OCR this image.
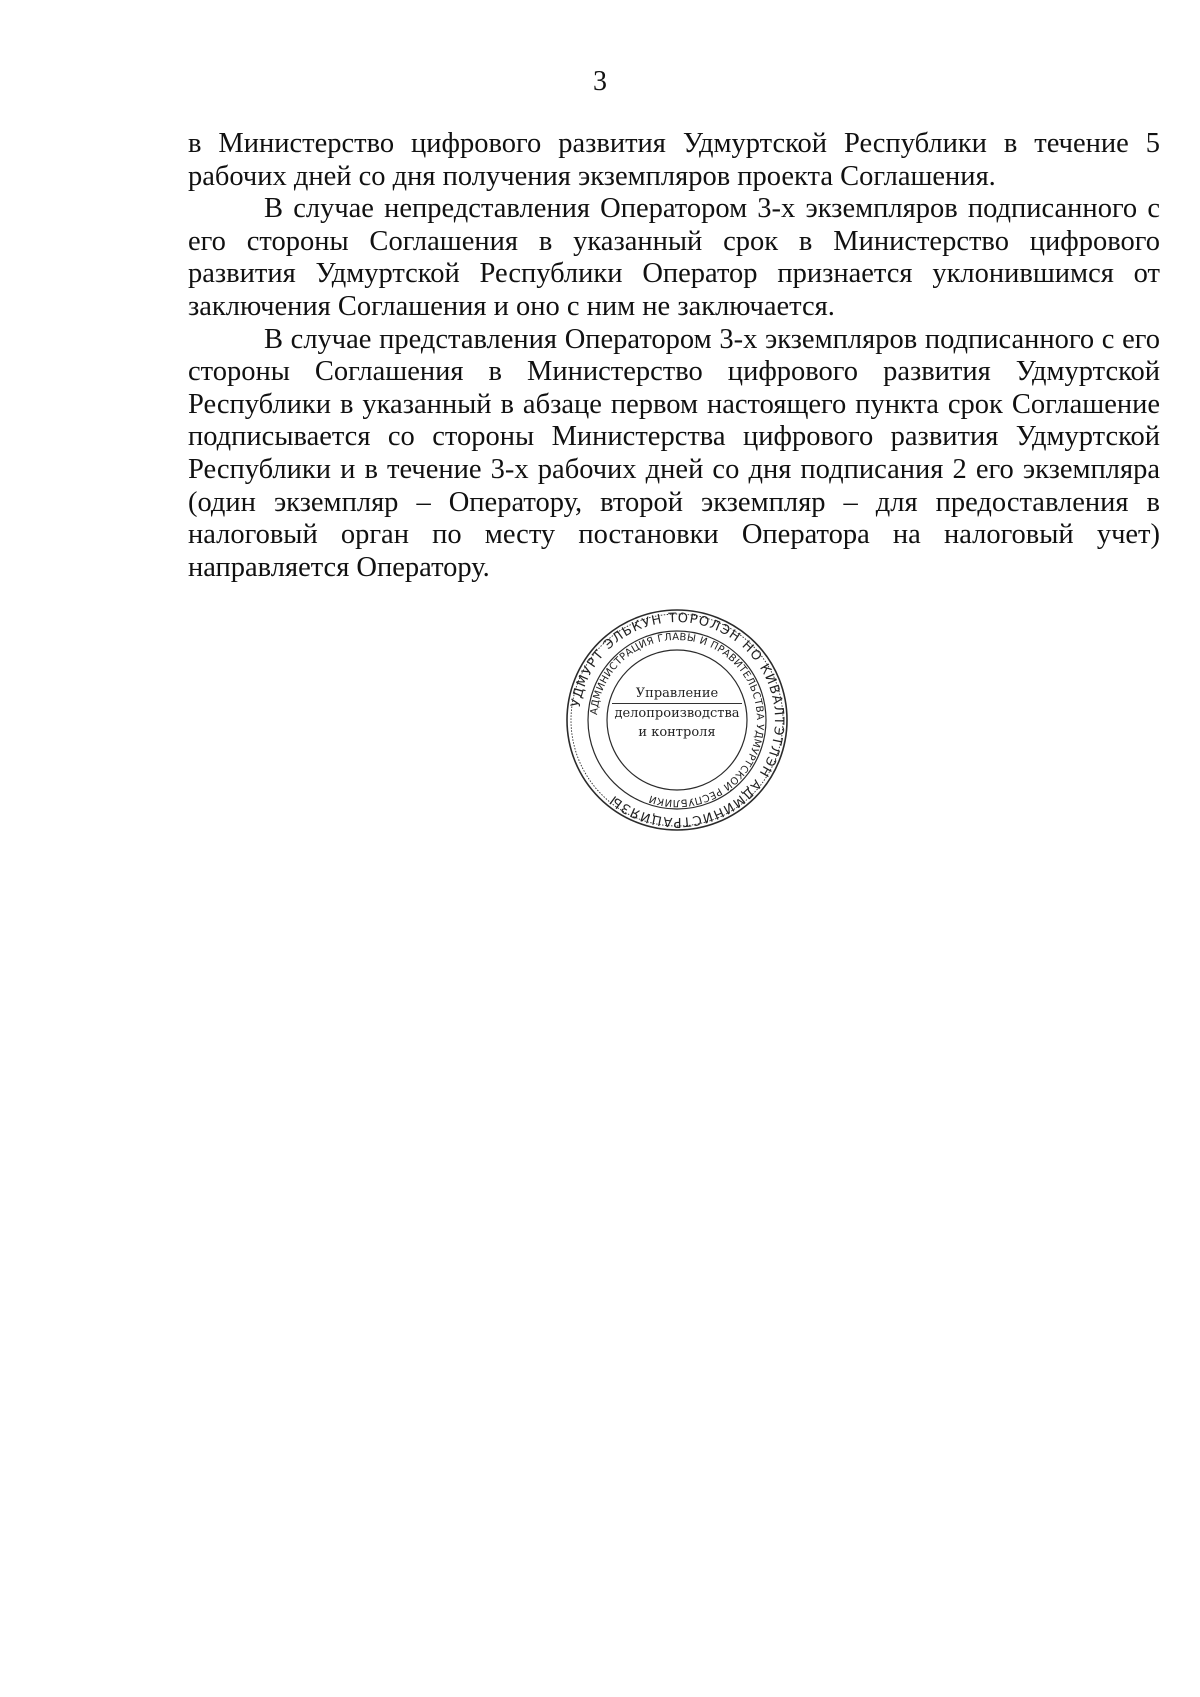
3

в Министерство цифрового развития Удмуртской Республики в течение 5 рабочих дней со дня получения экземпляров проекта Соглашения.

В случае непредставления Оператором 3-х экземпляров подписанного с его стороны Соглашения в указанный срок в Министерство цифрового развития Удмуртской Республики Оператор признается уклонившимся от заключения Соглашения и оно с ним не заключается.

В случае представления Оператором 3-х экземпляров подписанного с его стороны Соглашения в Министерство цифрового развития Удмуртской Республики в указанный в абзаце первом настоящего пункта срок Соглашение подписывается со стороны Министерства цифрового развития Удмуртской Республики и в течение 3-х рабочих дней со дня подписания 2 его экземпляра (один экземпляр – Оператору, второй экземпляр – для предоставления в налоговый орган по месту постановки Оператора на налоговый учет) направляется Оператору.

УДМУРТ ЭЛЬКУН ТОРОЛЭН НО КИВАЛТЭТЛЭН АДМИНИСТРАЦИЯЗЫ
АДМИНИСТРАЦИЯ ГЛАВЫ И ПРАВИТЕЛЬСТВА УДМУРТСКОЙ РЕСПУБЛИКИ
Управление
делопроизводства
и контроля
